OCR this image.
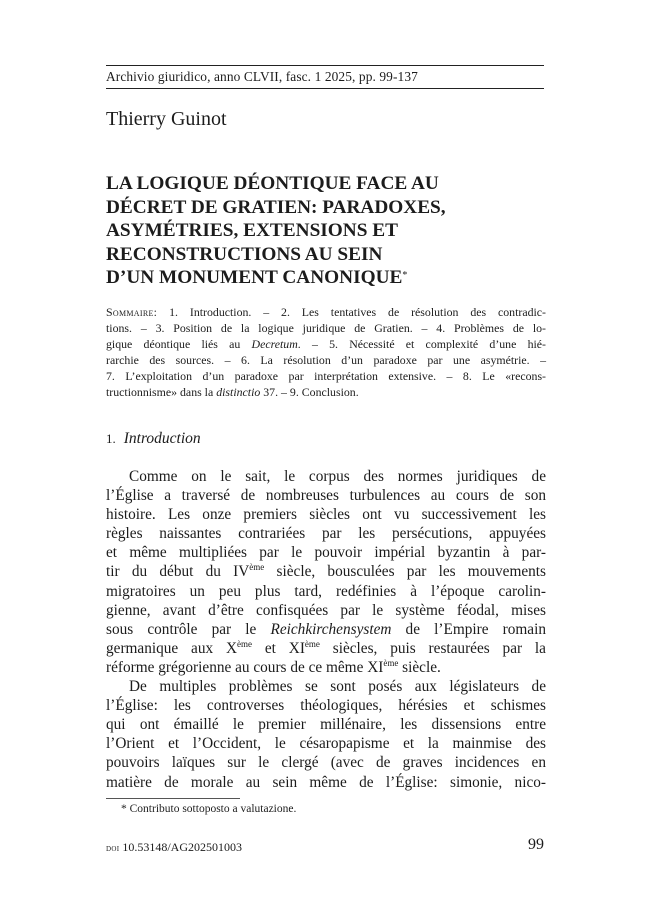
Archivio giuridico, anno CLVII, fasc. 1 2025, pp. 99-137
Thierry Guinot
LA LOGIQUE DÉONTIQUE FACE AU
DÉCRET DE GRATIEN: PARADOXES,
ASYMÉTRIES, EXTENSIONS ET
RECONSTRUCTIONS AU SEIN
D’UN MONUMENT CANONIQUE*
Sommaire: 1. Introduction. – 2. Les tentatives de résolution des contradic-
tions. – 3. Position de la logique juridique de Gratien. – 4. Problèmes de lo-
gique déontique liés au Decretum. – 5. Nécessité et complexité d’une hié-
rarchie des sources. – 6. La résolution d’un paradoxe par une asymétrie. –
7. L’exploitation d’un paradoxe par interprétation extensive. – 8. Le «recons-
tructionnisme» dans la distinctio 37. – 9. Conclusion.
1. Introduction
Comme on le sait, le corpus des normes juridiques de
l’Église a traversé de nombreuses turbulences au cours de son
histoire. Les onze premiers siècles ont vu successivement les
règles naissantes contrariées par les persécutions, appuyées
et même multipliées par le pouvoir impérial byzantin à par-
tir du début du IVème siècle, bousculées par les mouvements
migratoires un peu plus tard, redéfinies à l’époque carolin-
gienne, avant d’être confisquées par le système féodal, mises
sous contrôle par le Reichkirchensystem de l’Empire romain
germanique aux Xème et XIème siècles, puis restaurées par la
réforme grégorienne au cours de ce même XIème siècle.
De multiples problèmes se sont posés aux législateurs de
l’Église: les controverses théologiques, hérésies et schismes
qui ont émaillé le premier millénaire, les dissensions entre
l’Orient et l’Occident, le césaropapisme et la mainmise des
pouvoirs laïques sur le clergé (avec de graves incidences en
matière de morale au sein même de l’Église: simonie, nico-
* Contributo sottoposto a valutazione.
doi 10.53148/AG202501003	99
